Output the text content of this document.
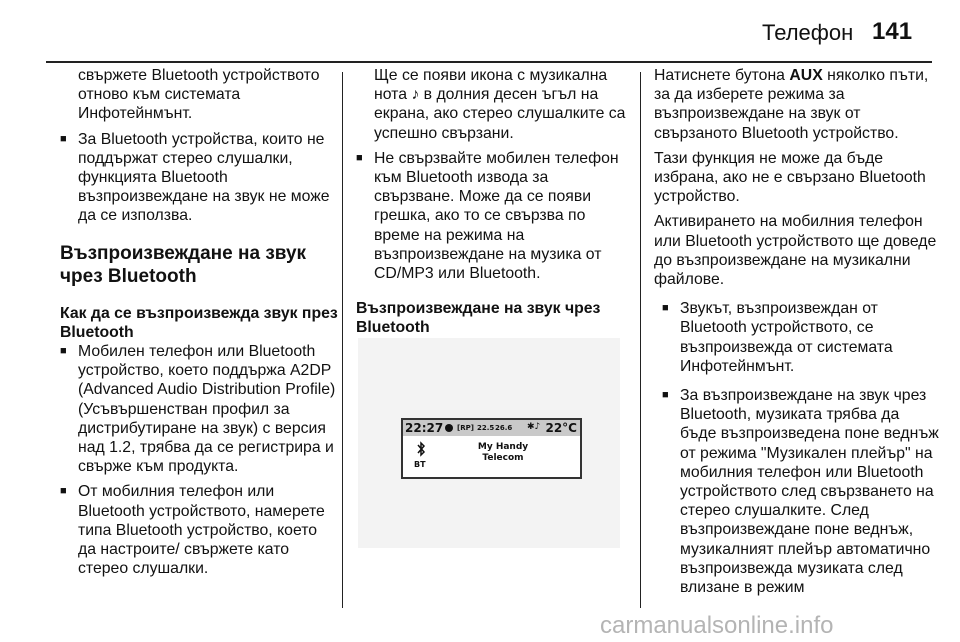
Телефон 141

свържете Bluetooth устройството отново към системата Инфотейнмънт.

■ За Bluetooth устройства, които не поддържат стерео слушалки, функцията Bluetooth възпроизвеждане на звук не може да се използва.

Възпроизвеждане на звук чрез Bluetooth

Как да се възпроизвежда звук през Bluetooth

■ Мобилен телефон или Bluetooth устройство, което поддържа A2DP (Advanced Audio Distribution Profile) (Усъвършенстван профил за дистрибутиране на звук) с версия над 1.2, трябва да се регистрира и свърже към продукта.

■ От мобилния телефон или Bluetooth устройството, намерете типа Bluetooth устройство, което да настроите/ свържете като стерео слушалки.

Ще се появи икона с музикална нота ♪ в долния десен ъгъл на екрана, ако стерео слушалките са успешно свързани.

■ Не свързвайте мобилен телефон към Bluetooth извода за свързване. Може да се появи грешка, ако то се свързва по време на режима на възпроизвеждане на музика от CD/MP3 или Bluetooth.

Възпроизвеждане на звук чрез Bluetooth

22:27 [RP] 22.5 26.6 ✱♪ 22°C
BT
My Handy
Telecom

Натиснете бутона AUX няколко пъти, за да изберете режима за възпроизвеждане на звук от свързаното Bluetooth устройство.

Тази функция не може да бъде избрана, ако не е свързано Bluetooth устройство.

Активирането на мобилния телефон или Bluetooth устройството ще доведе до възпроизвеждане на музикални файлове.

■ Звукът, възпроизвеждан от Bluetooth устройството, се възпроизвежда от системата Инфотейнмънт.

■ За възпроизвеждане на звук чрез Bluetooth, музиката трябва да бъде възпроизведена поне веднъж от режима "Музикален плейър" на мобилния телефон или Bluetooth устройството след свързването на стерео слушалките. След възпроизвеждане поне веднъж, музикалният плейър автоматично възпроизвежда музиката след влизане в режим

carmanualsonline.info
